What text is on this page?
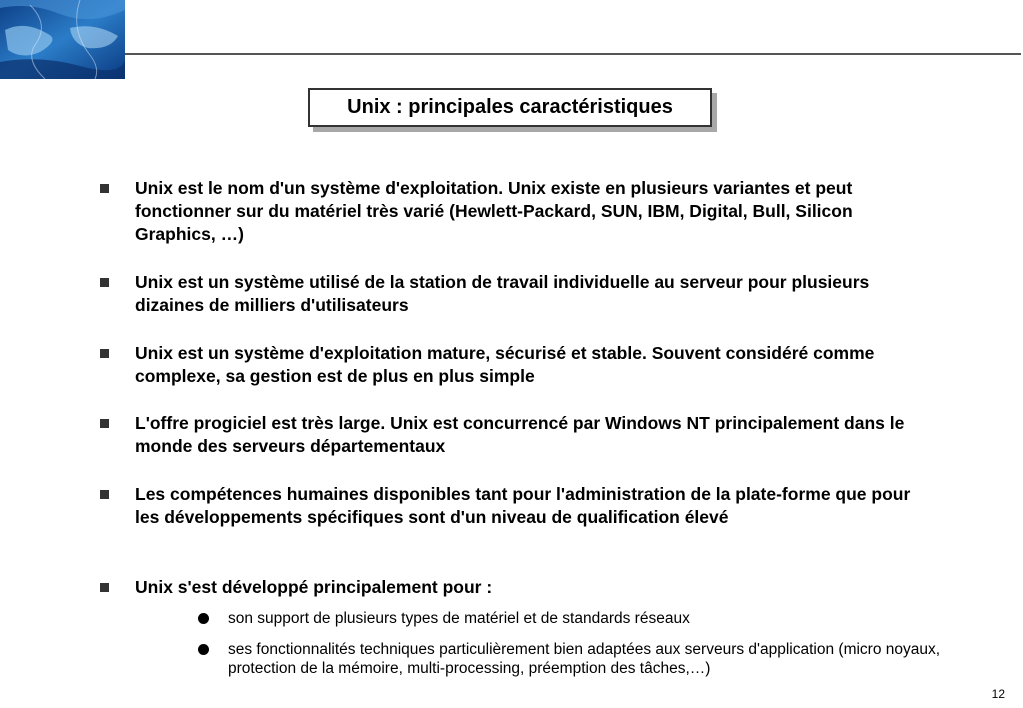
Unix : principales caractéristiques
Unix est le nom d'un système d'exploitation. Unix existe en plusieurs variantes et peut fonctionner sur du matériel très varié (Hewlett-Packard, SUN, IBM, Digital, Bull, Silicon Graphics, …)
Unix est un système utilisé de la station de travail individuelle au serveur pour plusieurs dizaines de milliers d'utilisateurs
Unix est un système d'exploitation mature, sécurisé et stable. Souvent considéré comme complexe, sa gestion est de plus en plus simple
L'offre progiciel est très large. Unix est concurrencé par Windows NT principalement dans le monde des serveurs départementaux
Les compétences humaines disponibles tant pour l'administration de la plate-forme que pour les développements spécifiques sont d'un niveau de qualification élevé
Unix s'est développé principalement pour :
son support de plusieurs types de matériel et de standards réseaux
ses fonctionnalités techniques particulièrement bien adaptées aux serveurs d'application (micro noyaux, protection de la mémoire, multi-processing, préemption des tâches,…)
12
